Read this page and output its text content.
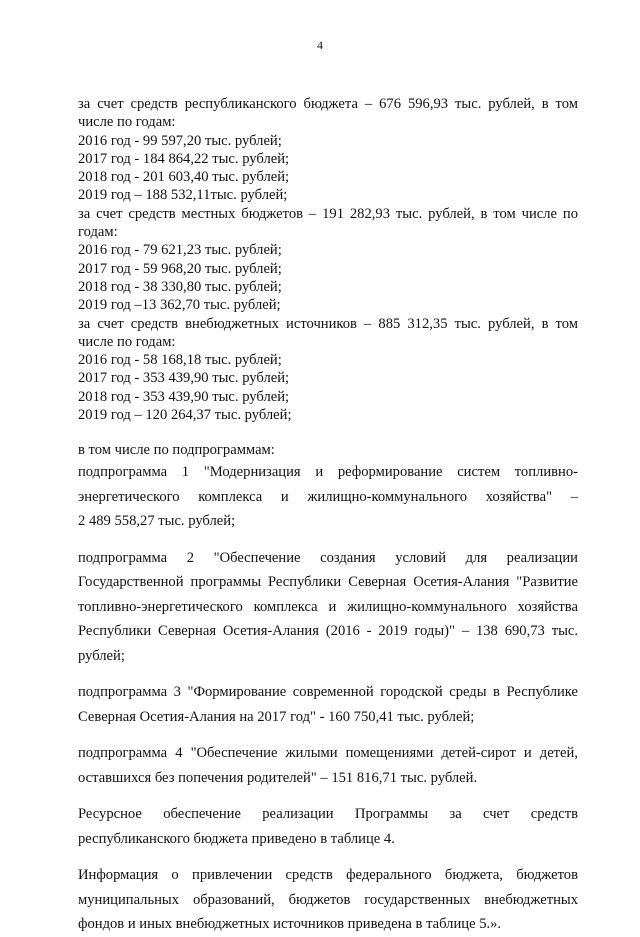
4
за счет средств республиканского бюджета – 676 596,93 тыс. рублей, в том
числе по годам:
2016 год - 99 597,20 тыс. рублей;
2017 год - 184 864,22 тыс. рублей;
2018 год - 201 603,40 тыс. рублей;
2019 год – 188 532,11тыс. рублей;
за счет средств местных бюджетов – 191 282,93 тыс. рублей, в том числе по
годам:
2016 год - 79 621,23 тыс. рублей;
2017 год - 59 968,20 тыс. рублей;
2018 год - 38 330,80 тыс. рублей;
2019 год –13 362,70 тыс. рублей;
за счет средств внебюджетных источников – 885 312,35 тыс. рублей, в том
числе по годам:
2016 год - 58 168,18 тыс. рублей;
2017 год - 353 439,90 тыс. рублей;
2018 год - 353 439,90 тыс. рублей;
2019 год – 120 264,37 тыс. рублей;
в том числе по подпрограммам:

подпрограмма 1 "Модернизация и реформирование систем топливно-
энергетического комплекса и жилищно-коммунального хозяйства" –
2 489 558,27 тыс. рублей;

подпрограмма 2 "Обеспечение создания условий для реализации
Государственной программы Республики Северная Осетия-Алания "Развитие
топливно-энергетического комплекса и жилищно-коммунального хозяйства
Республики Северная Осетия-Алания (2016 - 2019 годы)" – 138 690,73 тыс.
рублей;

подпрограмма 3 "Формирование современной городской среды в Республике
Северная Осетия-Алания на 2017 год" - 160 750,41 тыс. рублей;

подпрограмма 4 "Обеспечение жилыми помещениями детей-сирот и детей,
оставшихся без попечения родителей" – 151 816,71 тыс. рублей.

Ресурсное обеспечение реализации Программы за счет средств
республиканского бюджета приведено в таблице 4.

Информация о привлечении средств федерального бюджета, бюджетов
муниципальных образований, бюджетов государственных внебюджетных
фондов и иных внебюджетных источников приведена в таблице 5.».
